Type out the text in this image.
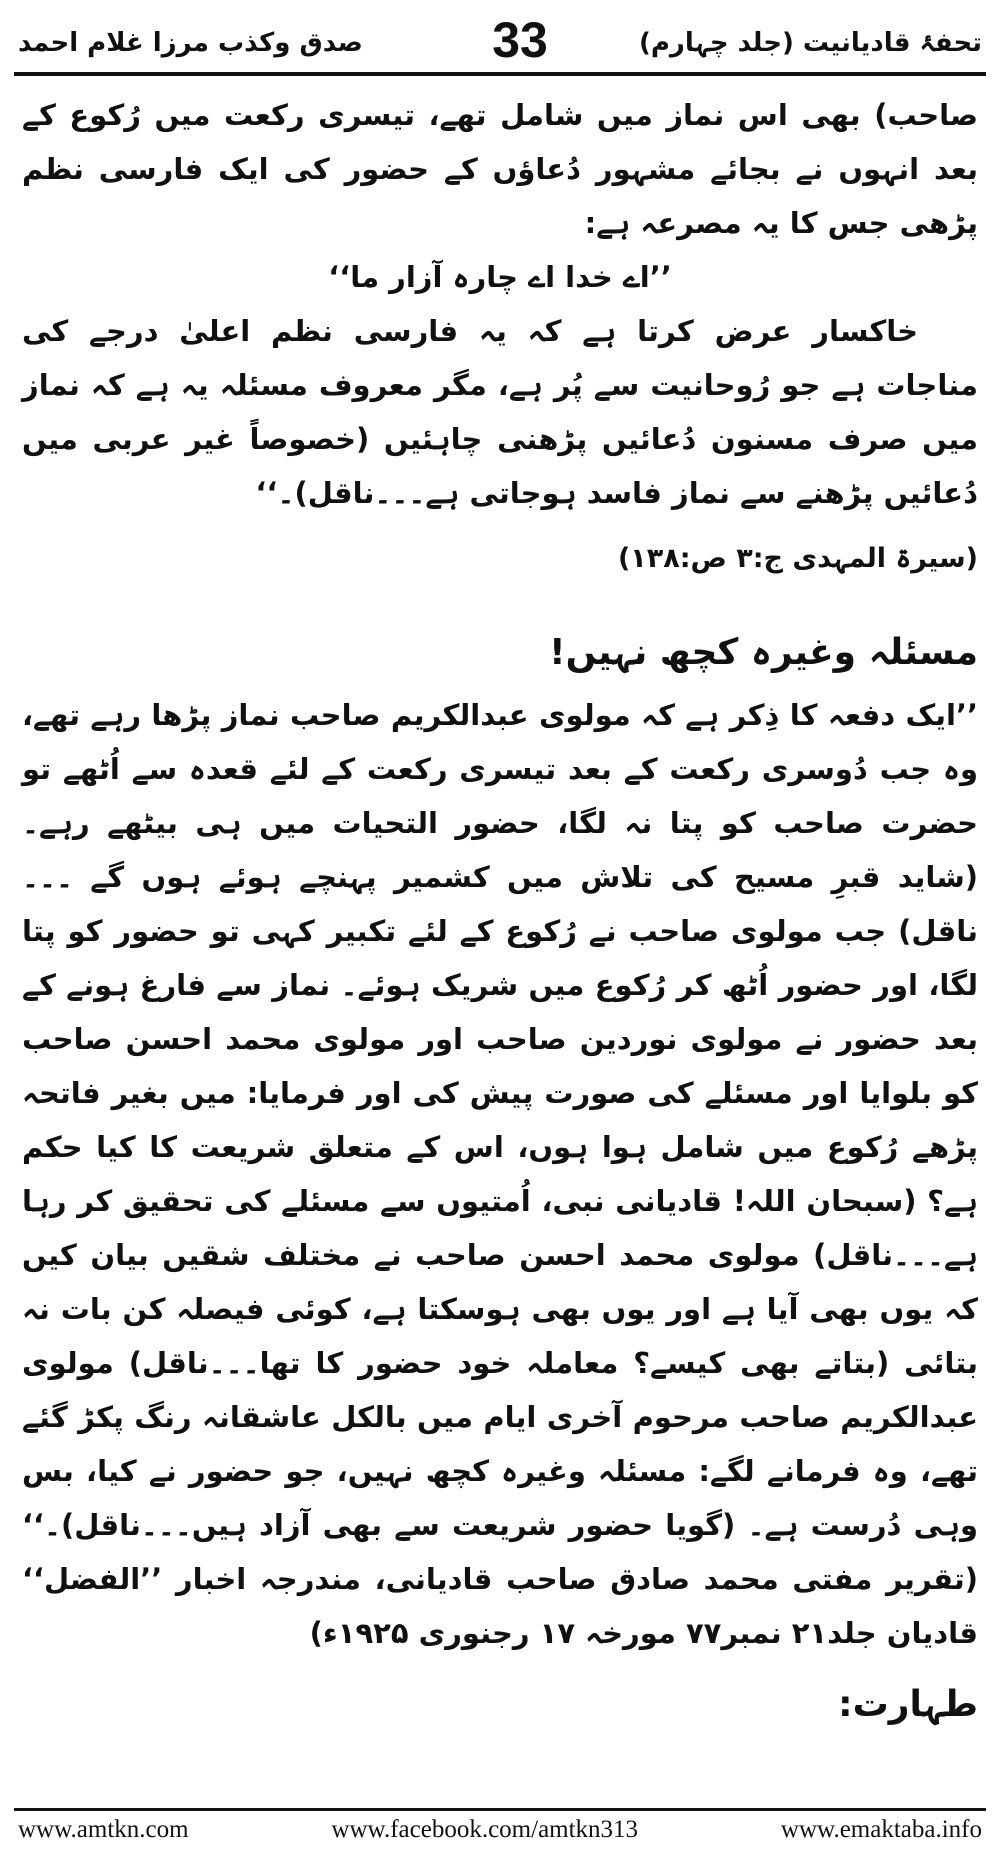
تحفۂ قادیانیت (جلد چہارم)
33
صدق وکذب مرزا غلام احمد

صاحب) بھی اس نماز میں شامل تھے، تیسری رکعت میں رُکوع کے بعد انہوں نے بجائے مشہور دُعاؤں کے حضور کی ایک فارسی نظم پڑھی جس کا یہ مصرعہ ہے:

’’اے خدا اے چارہ آزار ما‘‘

خاکسار عرض کرتا ہے کہ یہ فارسی نظم اعلیٰ درجے کی مناجات ہے جو رُوحانیت سے پُر ہے، مگر معروف مسئلہ یہ ہے کہ نماز میں صرف مسنون دُعائیں پڑھنی چاہئیں (خصوصاً غیر عربی میں دُعائیں پڑھنے سے نماز فاسد ہوجاتی ہے۔۔۔ناقل)۔‘‘

(سیرۃ المہدی ج:۳ ص:۱۳۸)

مسئلہ وغیرہ کچھ نہیں!

’’ایک دفعہ کا ذِکر ہے کہ مولوی عبدالکریم صاحب نماز پڑھا رہے تھے، وہ جب دُوسری رکعت کے بعد تیسری رکعت کے لئے قعدہ سے اُٹھے تو حضرت صاحب کو پتا نہ لگا، حضور التحیات میں ہی بیٹھے رہے۔ (شاید قبرِ مسیح کی تلاش میں کشمیر پہنچے ہوئے ہوں گے ۔۔۔ناقل) جب مولوی صاحب نے رُکوع کے لئے تکبیر کہی تو حضور کو پتا لگا، اور حضور اُٹھ کر رُکوع میں شریک ہوئے۔ نماز سے فارغ ہونے کے بعد حضور نے مولوی نوردین صاحب اور مولوی محمد احسن صاحب کو بلوایا اور مسئلے کی صورت پیش کی اور فرمایا: میں بغیر فاتحہ پڑھے رُکوع میں شامل ہوا ہوں، اس کے متعلق شریعت کا کیا حکم ہے؟ (سبحان اللہ! قادیانی نبی، اُمتیوں سے مسئلے کی تحقیق کر رہا ہے۔۔۔ناقل) مولوی محمد احسن صاحب نے مختلف شقیں بیان کیں کہ یوں بھی آیا ہے اور یوں بھی ہوسکتا ہے، کوئی فیصلہ کن بات نہ بتائی (بتاتے بھی کیسے؟ معاملہ خود حضور کا تھا۔۔۔ناقل) مولوی عبدالکریم صاحب مرحوم آخری ایام میں بالکل عاشقانہ رنگ پکڑ گئے تھے، وہ فرمانے لگے: مسئلہ وغیرہ کچھ نہیں، جو حضور نے کیا، بس وہی دُرست ہے۔ (گویا حضور شریعت سے بھی آزاد ہیں۔۔۔ناقل)۔‘‘ (تقریر مفتی محمد صادق صاحب قادیانی، مندرجہ اخبار ’’الفضل‘‘ قادیان جلد۲۱ نمبر۷۷ مورخہ ۱۷ رجنوری ۱۹۲۵ء)

طہارت:
www.amtkn.com	www.facebook.com/amtkn313	www.emaktaba.info
